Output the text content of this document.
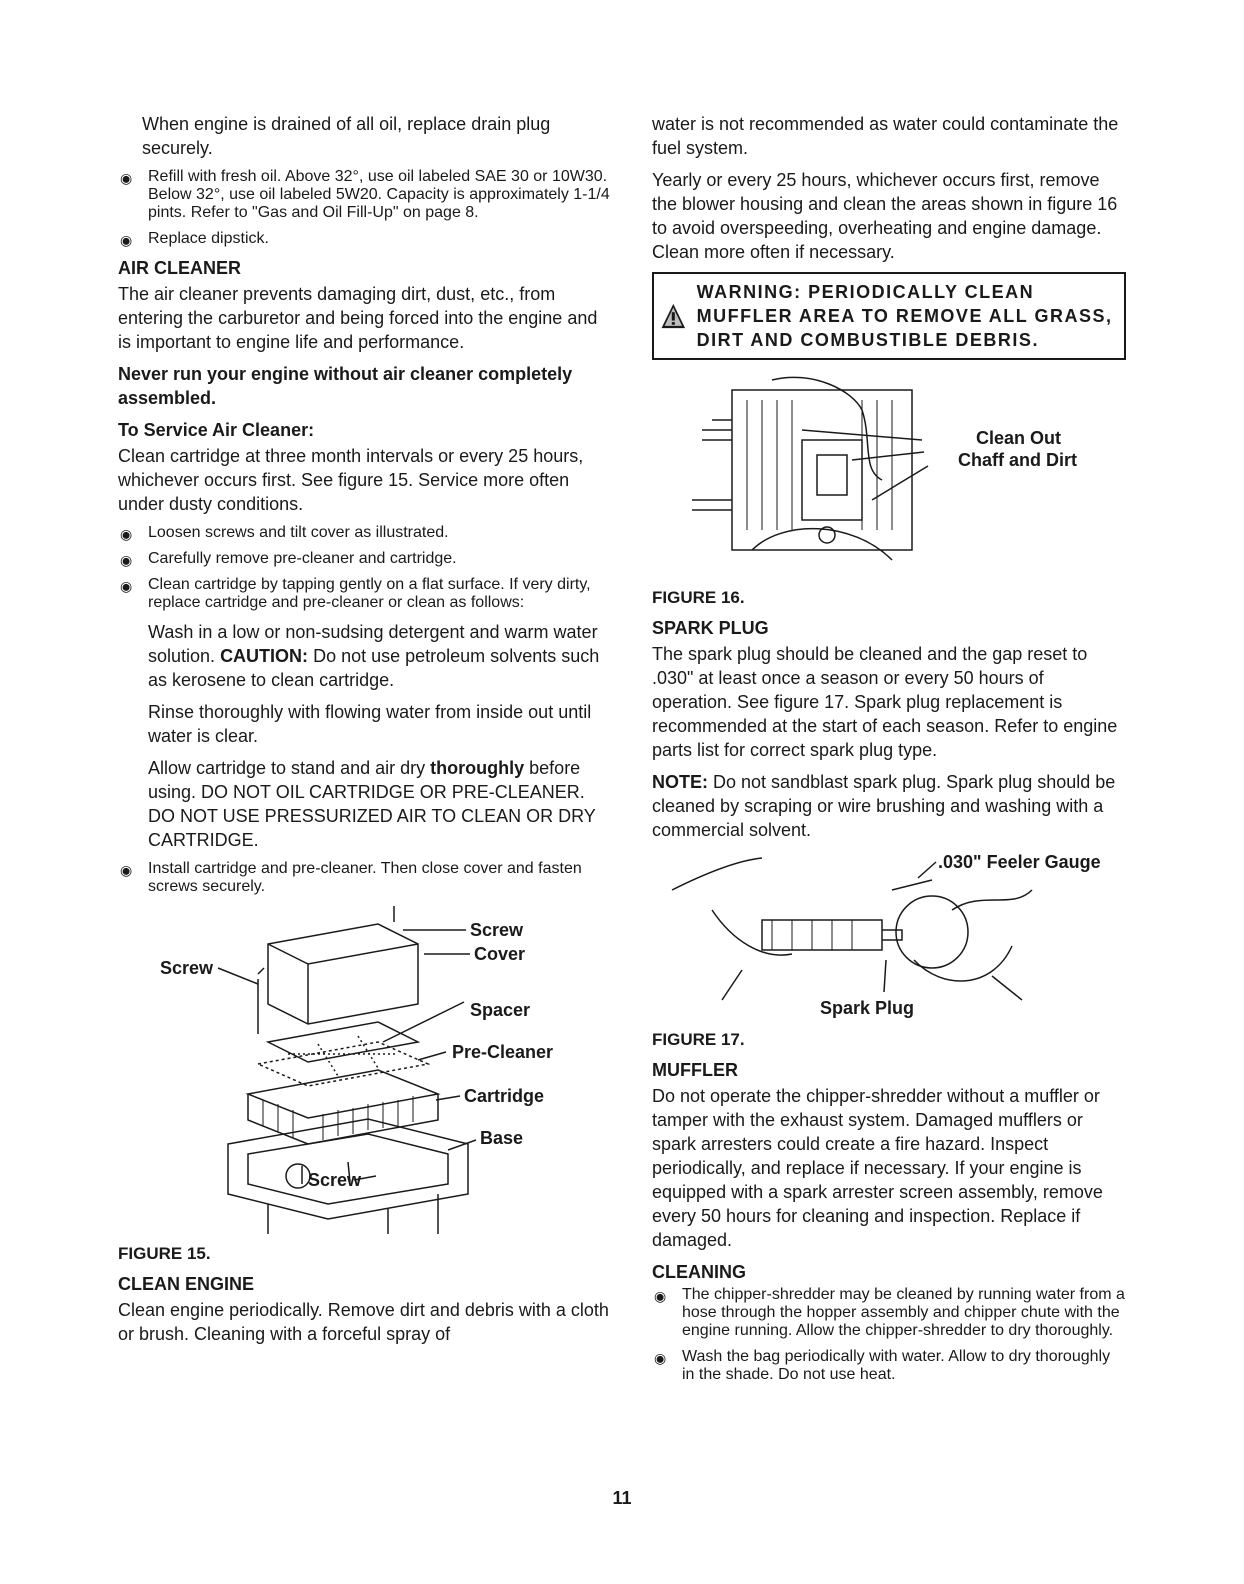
When engine is drained of all oil, replace drain plug securely.

◉ Refill with fresh oil. Above 32°, use oil labeled SAE 30 or 10W30. Below 32°, use oil labeled 5W20. Capacity is approximately 1-1/4 pints. Refer to "Gas and Oil Fill-Up" on page 8.
◉ Replace dipstick.
AIR CLEANER

The air cleaner prevents damaging dirt, dust, etc., from entering the carburetor and being forced into the engine and is important to engine life and performance.

Never run your engine without air cleaner completely assembled.

To Service Air Cleaner:

Clean cartridge at three month intervals or every 25 hours, whichever occurs first. See figure 15. Service more often under dusty conditions.

◉ Loosen screws and tilt cover as illustrated.
◉ Carefully remove pre-cleaner and cartridge.
◉ Clean cartridge by tapping gently on a flat surface. If very dirty, replace cartridge and pre-cleaner or clean as follows:

Wash in a low or non-sudsing detergent and warm water solution. CAUTION: Do not use petroleum solvents such as kerosene to clean cartridge.

Rinse thoroughly with flowing water from inside out until water is clear.

Allow cartridge to stand and air dry thoroughly before using. DO NOT OIL CARTRIDGE OR PRE-CLEANER. DO NOT USE PRESSURIZED AIR TO CLEAN OR DRY CARTRIDGE.

◉ Install cartridge and pre-cleaner. Then close cover and fasten screws securely.
Screw
Cover
Screw
Spacer
Pre-Cleaner
Cartridge
Base
Screw
FIGURE 15.
CLEAN ENGINE

Clean engine periodically. Remove dirt and debris with a cloth or brush. Cleaning with a forceful spray of

water is not recommended as water could contaminate the fuel system.

Yearly or every 25 hours, whichever occurs first, remove the blower housing and clean the areas shown in figure 16 to avoid overspeeding, overheating and engine damage. Clean more often if necessary.

WARNING: PERIODICALLY CLEAN MUFFLER AREA TO REMOVE ALL GRASS, DIRT AND COMBUSTIBLE DEBRIS.
Clean Out
Chaff and Dirt
FIGURE 16.
SPARK PLUG

The spark plug should be cleaned and the gap reset to .030" at least once a season or every 50 hours of operation. See figure 17. Spark plug replacement is recommended at the start of each season. Refer to engine parts list for correct spark plug type.

NOTE: Do not sandblast spark plug. Spark plug should be cleaned by scraping or wire brushing and washing with a commercial solvent.

.030" Feeler Gauge
Spark Plug
FIGURE 17.
MUFFLER

Do not operate the chipper-shredder without a muffler or tamper with the exhaust system. Damaged mufflers or spark arresters could create a fire hazard. Inspect periodically, and replace if necessary. If your engine is equipped with a spark arrester screen assembly, remove every 50 hours for cleaning and inspection. Replace if damaged.

CLEANING
◉ The chipper-shredder may be cleaned by running water from a hose through the hopper assembly and chipper chute with the engine running. Allow the chipper-shredder to dry thoroughly.
◉ Wash the bag periodically with water. Allow to dry thoroughly in the shade. Do not use heat.
11
